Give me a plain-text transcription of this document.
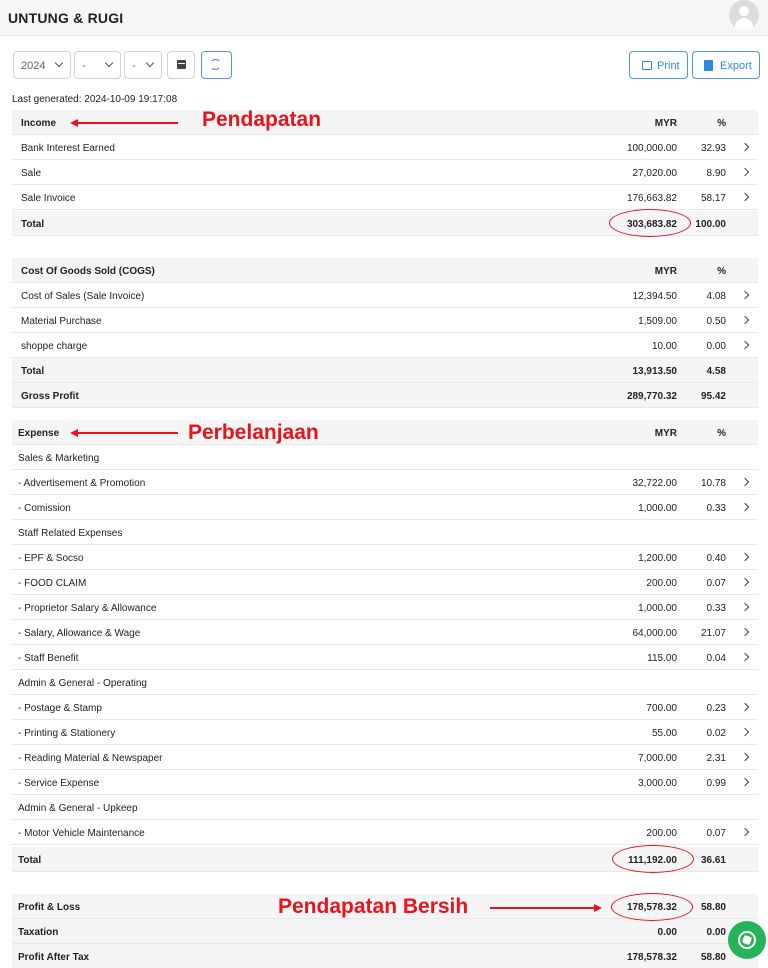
UNTUNG & RUGI
2024	-	-	Print	Export
Last generated: 2024-10-09 19:17:08
Income	MYR	%
Bank Interest Earned	100,000.00 32.93
Sale	27,020.00	8.90
Sale Invoice	176,663.82 58.17
Total	303,683.82 100.00
Cost Of Goods Sold (COGS)	MYR	%
Cost of Sales (Sale Invoice)	12,394.50	4.08
Material Purchase	1,509.00	0.50
shoppe charge	10.00	0.00
Total	13,913.50	4.58
Gross Profit	289,770.32 95.42
Expense	MYR	%
Sales & Marketing
- Advertisement & Promotion	32,722.00 10.78
- Comission	1,000.00	0.33
Staff Related Expenses
- EPF & Socso	1,200.00	0.40
- FOOD CLAIM	200.00	0.07
- Proprietor Salary & Allowance	1,000.00	0.33
- Salary, Allowance & Wage	64,000.00 21.07
- Staff Benefit	115.00	0.04
Admin & General - Operating
- Postage & Stamp	700.00	0.23
- Printing & Stationery	55.00	0.02
- Reading Material & Newspaper	7,000.00	2.31
- Service Expense	3,000.00	0.99
Admin & General - Upkeep
- Motor Vehicle Maintenance	200.00	0.07
Total	111,192.00 36.61
Profit & Loss	178,578.32 58.80
Taxation	0.00	0.00
Profit After Tax	178,578.32 58.80
Pendapatan
Perbelanjaan
Pendapatan Bersih
